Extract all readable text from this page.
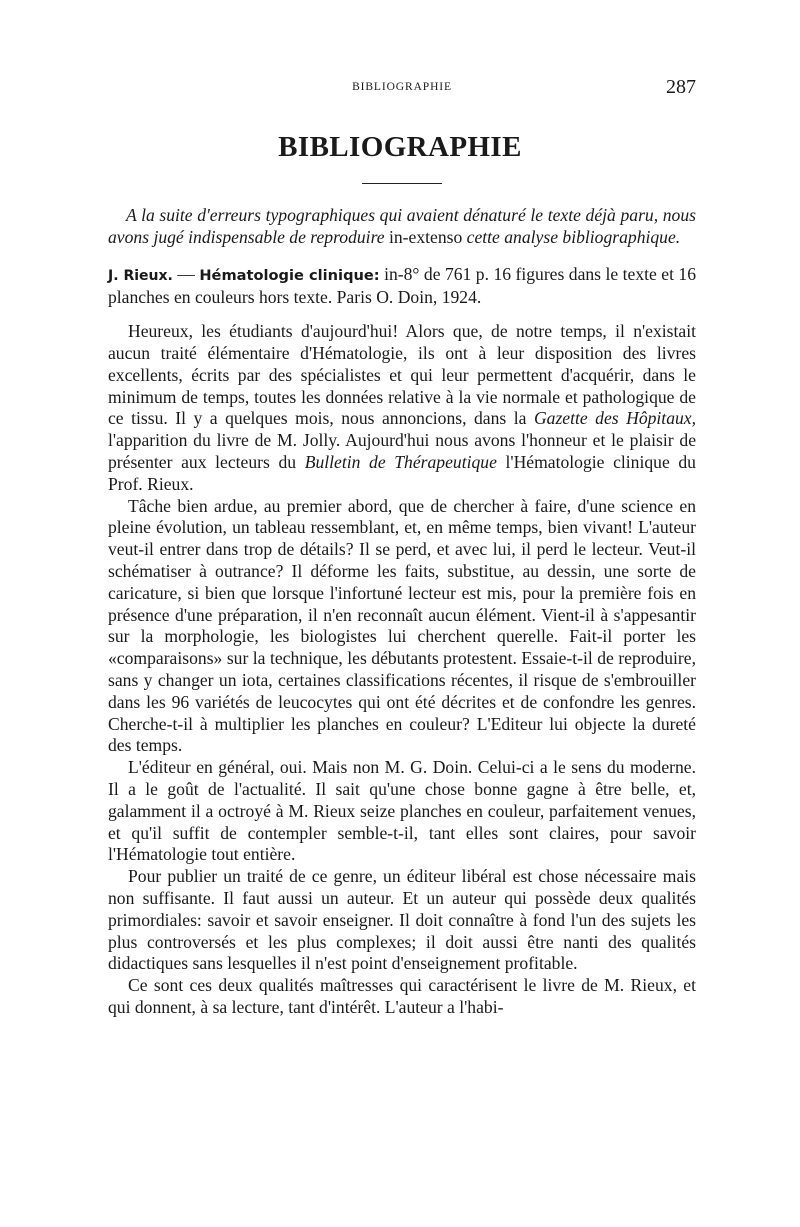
BIBLIOGRAPHIE	287
BIBLIOGRAPHIE

A la suite d'erreurs typographiques qui avaient dénaturé le texte déjà paru, nous avons jugé indispensable de reproduire in-extenso cette analyse bibliographique.

J. Rieux. — Hématologie clinique: in-8° de 761 p. 16 figures dans le texte et 16 planches en couleurs hors texte. Paris O. Doin, 1924.

Heureux, les étudiants d'aujourd'hui! Alors que, de notre temps, il n'existait aucun traité élémentaire d'Hématologie, ils ont à leur disposition des livres excellents, écrits par des spécialistes et qui leur permettent d'acquérir, dans le minimum de temps, toutes les données relative à la vie normale et pathologique de ce tissu. Il y a quelques mois, nous annoncions, dans la Gazette des Hôpitaux, l'apparition du livre de M. Jolly. Aujourd'hui nous avons l'honneur et le plaisir de présenter aux lecteurs du Bulletin de Thérapeutique l'Hématologie clinique du Prof. Rieux.

Tâche bien ardue, au premier abord, que de chercher à faire, d'une science en pleine évolution, un tableau ressemblant, et, en même temps, bien vivant! L'auteur veut-il entrer dans trop de détails? Il se perd, et avec lui, il perd le lecteur. Veut-il schématiser à outrance? Il déforme les faits, substitue, au dessin, une sorte de caricature, si bien que lorsque l'infortuné lecteur est mis, pour la première fois en présence d'une préparation, il n'en reconnaît aucun élément. Vient-il à s'appesantir sur la morphologie, les biologistes lui cherchent querelle. Fait-il porter les «comparaisons» sur la technique, les débutants protestent. Essaie-t-il de reproduire, sans y changer un iota, certaines classifications récentes, il risque de s'embrouiller dans les 96 variétés de leucocytes qui ont été décrites et de confondre les genres. Cherche-t-il à multiplier les planches en couleur? L'Editeur lui objecte la dureté des temps.

L'éditeur en général, oui. Mais non M. G. Doin. Celui-ci a le sens du moderne. Il a le goût de l'actualité. Il sait qu'une chose bonne gagne à être belle, et, galamment il a octroyé à M. Rieux seize planches en couleur, parfaitement venues, et qu'il suffit de contempler semble-t-il, tant elles sont claires, pour savoir l'Hématologie tout entière.

Pour publier un traité de ce genre, un éditeur libéral est chose nécessaire mais non suffisante. Il faut aussi un auteur. Et un auteur qui possède deux qualités primordiales: savoir et savoir enseigner. Il doit connaître à fond l'un des sujets les plus controversés et les plus complexes; il doit aussi être nanti des qualités didactiques sans lesquelles il n'est point d'enseignement profitable.

Ce sont ces deux qualités maîtresses qui caractérisent le livre de M. Rieux, et qui donnent, à sa lecture, tant d'intérêt. L'auteur a l'habi-
